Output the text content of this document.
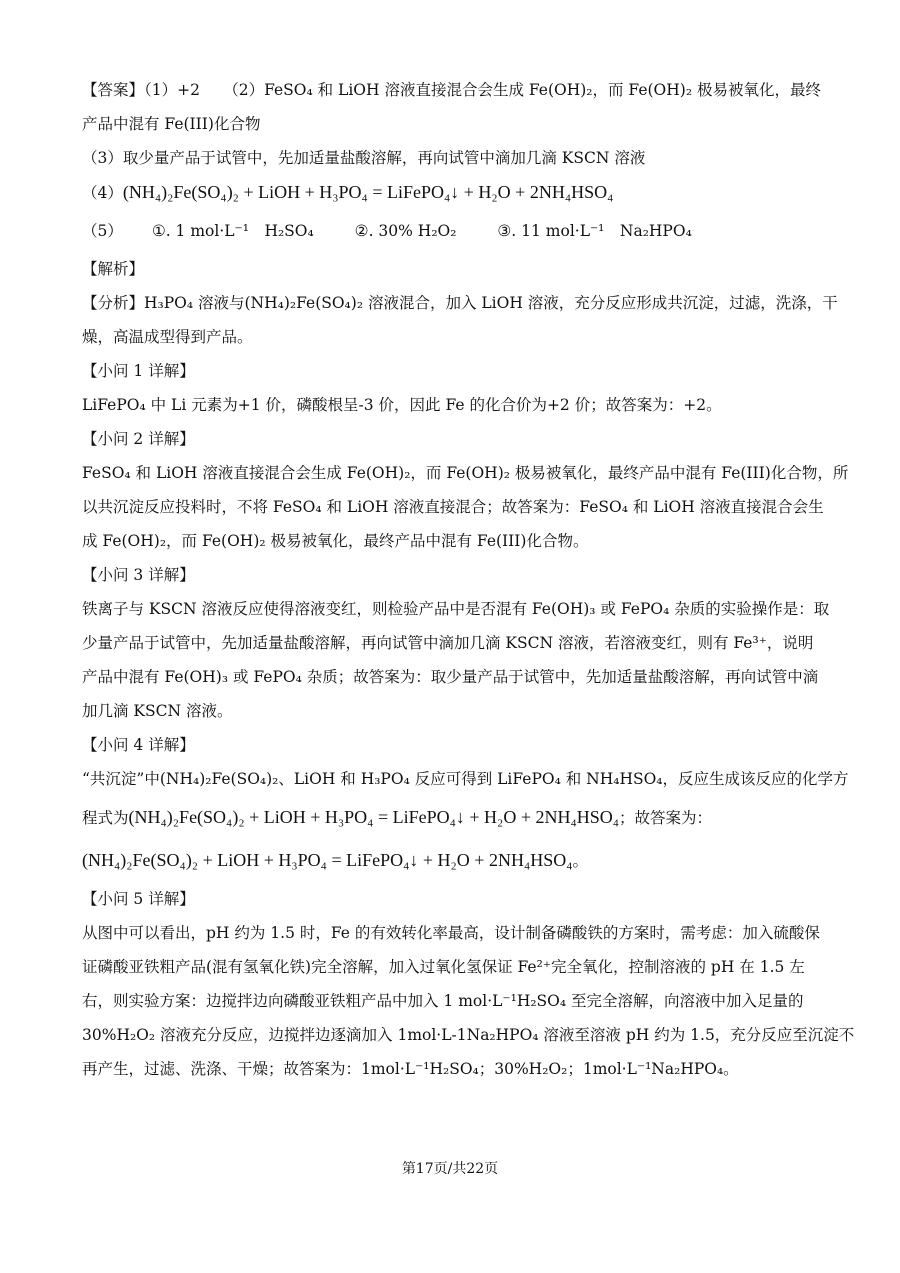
【答案】（1）+2　　（2）FeSO₄ 和 LiOH 溶液直接混合会生成 Fe(OH)₂，而 Fe(OH)₂ 极易被氧化，最终
产品中混有 Fe(III)化合物
（3）取少量产品于试管中，先加适量盐酸溶解，再向试管中滴加几滴 KSCN 溶液
（4）(NH₄)₂Fe(SO₄)₂ + LiOH + H₃PO₄ = LiFePO₄↓ + H₂O + 2NH₄HSO₄
（5） ①. 1 mol·L⁻¹　H₂SO₄	②. 30% H₂O₂	③. 11 mol·L⁻¹　Na₂HPO₄
【解析】
【分析】H₃PO₄ 溶液与(NH₄)₂Fe(SO₄)₂ 溶液混合，加入 LiOH 溶液，充分反应形成共沉淀，过滤，洗涤，干
燥，高温成型得到产品。
【小问 1 详解】
LiFePO₄ 中 Li 元素为+1 价，磷酸根呈-3 价，因此 Fe 的化合价为+2 价；故答案为：+2。
【小问 2 详解】
FeSO₄ 和 LiOH 溶液直接混合会生成 Fe(OH)₂，而 Fe(OH)₂ 极易被氧化，最终产品中混有 Fe(III)化合物，所
以共沉淀反应投料时，不将 FeSO₄ 和 LiOH 溶液直接混合；故答案为：FeSO₄ 和 LiOH 溶液直接混合会生
成 Fe(OH)₂，而 Fe(OH)₂ 极易被氧化，最终产品中混有 Fe(III)化合物。
【小问 3 详解】
铁离子与 KSCN 溶液反应使得溶液变红，则检验产品中是否混有 Fe(OH)₃ 或 FePO₄ 杂质的实验操作是：取
少量产品于试管中，先加适量盐酸溶解，再向试管中滴加几滴 KSCN 溶液，若溶液变红，则有 Fe³⁺，说明
产品中混有 Fe(OH)₃ 或 FePO₄ 杂质；故答案为：取少量产品于试管中，先加适量盐酸溶解，再向试管中滴
加几滴 KSCN 溶液。
【小问 4 详解】
“共沉淀”中(NH₄)₂Fe(SO₄)₂、LiOH 和 H₃PO₄ 反应可得到 LiFePO₄ 和 NH₄HSO₄，反应生成该反应的化学方
程式为(NH₄)₂Fe(SO₄)₂ + LiOH + H₃PO₄ = LiFePO₄↓ + H₂O + 2NH₄HSO₄；故答案为：
(NH₄)₂Fe(SO₄)₂ + LiOH + H₃PO₄ = LiFePO₄↓ + H₂O + 2NH₄HSO₄。
【小问 5 详解】
从图中可以看出，pH 约为 1.5 时，Fe 的有效转化率最高，设计制备磷酸铁的方案时，需考虑：加入硫酸保
证磷酸亚铁粗产品(混有氢氧化铁)完全溶解，加入过氧化氢保证 Fe²⁺完全氧化，控制溶液的 pH 在 1.5 左
右，则实验方案：边搅拌边向磷酸亚铁粗产品中加入 1 mol·L⁻¹H₂SO₄ 至完全溶解，向溶液中加入足量的
30%H₂O₂ 溶液充分反应，边搅拌边逐滴加入 1mol·L-1Na₂HPO₄ 溶液至溶液 pH 约为 1.5，充分反应至沉淀不
再产生，过滤、洗涤、干燥；故答案为：1mol·L⁻¹H₂SO₄；30%H₂O₂；1mol·L⁻¹Na₂HPO₄。
第17页/共22页
